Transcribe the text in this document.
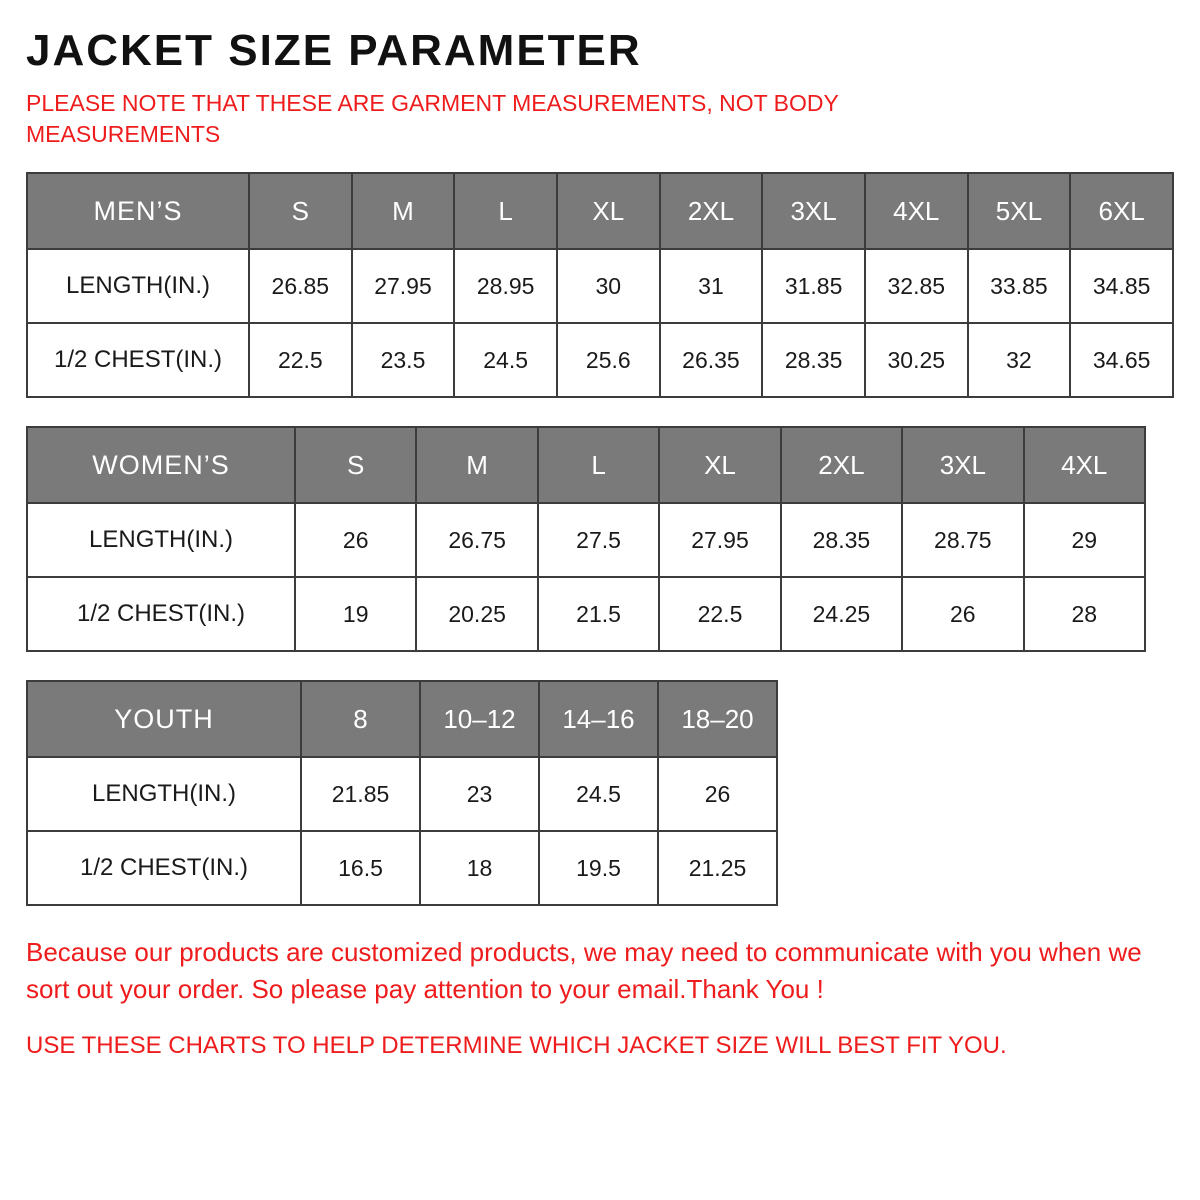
JACKET SIZE PARAMETER

PLEASE NOTE THAT THESE ARE GARMENT MEASUREMENTS, NOT BODY MEASUREMENTS

MEN’S	S	M	L	XL	2XL	3XL	4XL	5XL	6XL
LENGTH(IN.)	26.85	27.95	28.95	30	31	31.85	32.85	33.85	34.85
1/2 CHEST(IN.)	22.5	23.5	24.5	25.6	26.35	28.35	30.25	32	34.65
WOMEN’S	S	M	L	XL	2XL	3XL	4XL
LENGTH(IN.)	26	26.75	27.5	27.95	28.35	28.75	29
1/2 CHEST(IN.)	19	20.25	21.5	22.5	24.25	26	28
YOUTH	8	10–12	14–16	18–20
LENGTH(IN.)	21.85	23	24.5	26
1/2 CHEST(IN.)	16.5	18	19.5	21.25

Because our products are customized products, we may need to communicate with you when we sort out your order. So please pay attention to your email.Thank You !

USE THESE CHARTS TO HELP DETERMINE WHICH JACKET SIZE WILL BEST FIT YOU.
